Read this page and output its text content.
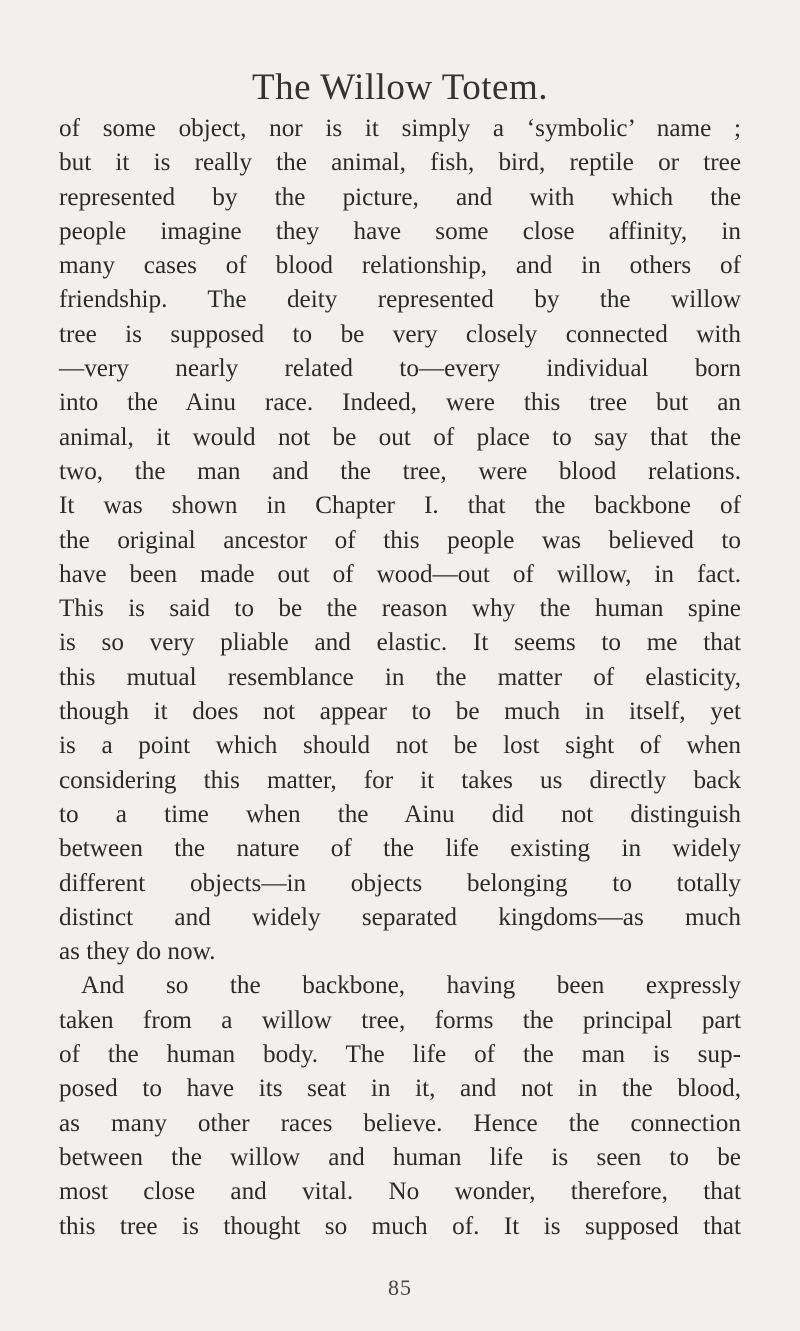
The Willow Totem.
of some object, nor is it simply a ‘symbolic’ name ;
but it is really the animal, fish, bird, reptile or tree
represented by the picture, and with which the
people imagine they have some close affinity, in
many cases of blood relationship, and in others of
friendship. The deity represented by the willow
tree is supposed to be very closely connected with
—very nearly related to—every individual born
into the Ainu race. Indeed, were this tree but an
animal, it would not be out of place to say that the
two, the man and the tree, were blood relations.
It was shown in Chapter I. that the backbone of
the original ancestor of this people was believed to
have been made out of wood—out of willow, in fact.
This is said to be the reason why the human spine
is so very pliable and elastic. It seems to me that
this mutual resemblance in the matter of elasticity,
though it does not appear to be much in itself, yet
is a point which should not be lost sight of when
considering this matter, for it takes us directly back
to a time when the Ainu did not distinguish
between the nature of the life existing in widely
different objects—in objects belonging to totally
distinct and widely separated kingdoms—as much
as they do now.
And so the backbone, having been expressly
taken from a willow tree, forms the principal part
of the human body. The life of the man is sup-
posed to have its seat in it, and not in the blood,
as many other races believe. Hence the connection
between the willow and human life is seen to be
most close and vital. No wonder, therefore, that
this tree is thought so much of. It is supposed that
85
